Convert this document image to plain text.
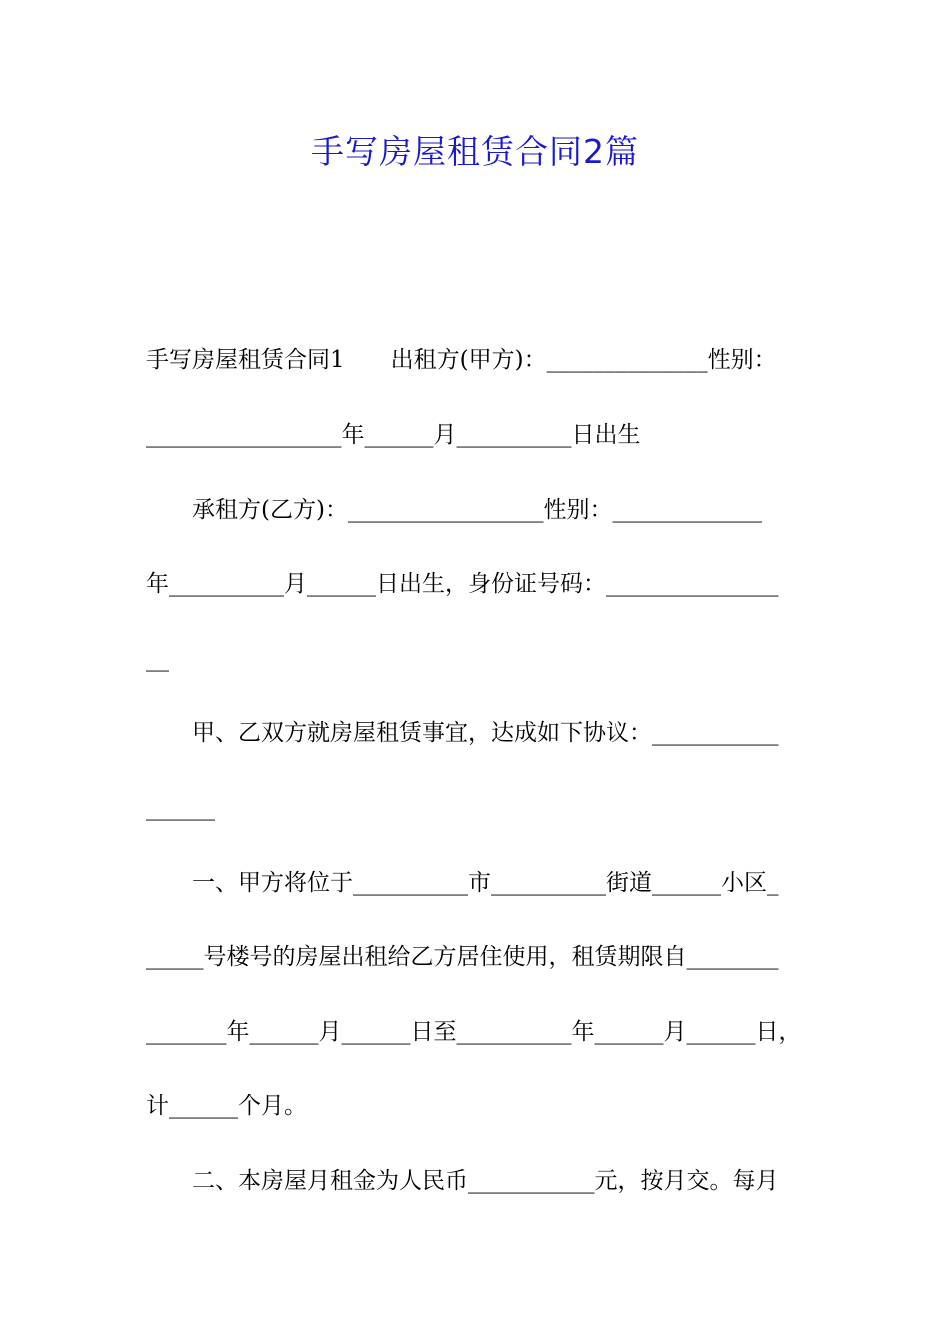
手写房屋租赁合同2篇
手写房屋租赁合同1　　出租方(甲方)：______________性别：
_________________年______月__________日出生
　　承租方(乙方)：_________________性别：_____________
年__________月______日出生，身份证号码：_______________
__
　　甲、乙双方就房屋租赁事宜，达成如下协议：___________
______
　　一、甲方将位于__________市__________街道______小区_
_____号楼号的房屋出租给乙方居住使用，租赁期限自________
_______年______月______日至__________年______月______日，
计______个月。
　　二、本房屋月租金为人民币___________元，按月交。每月
